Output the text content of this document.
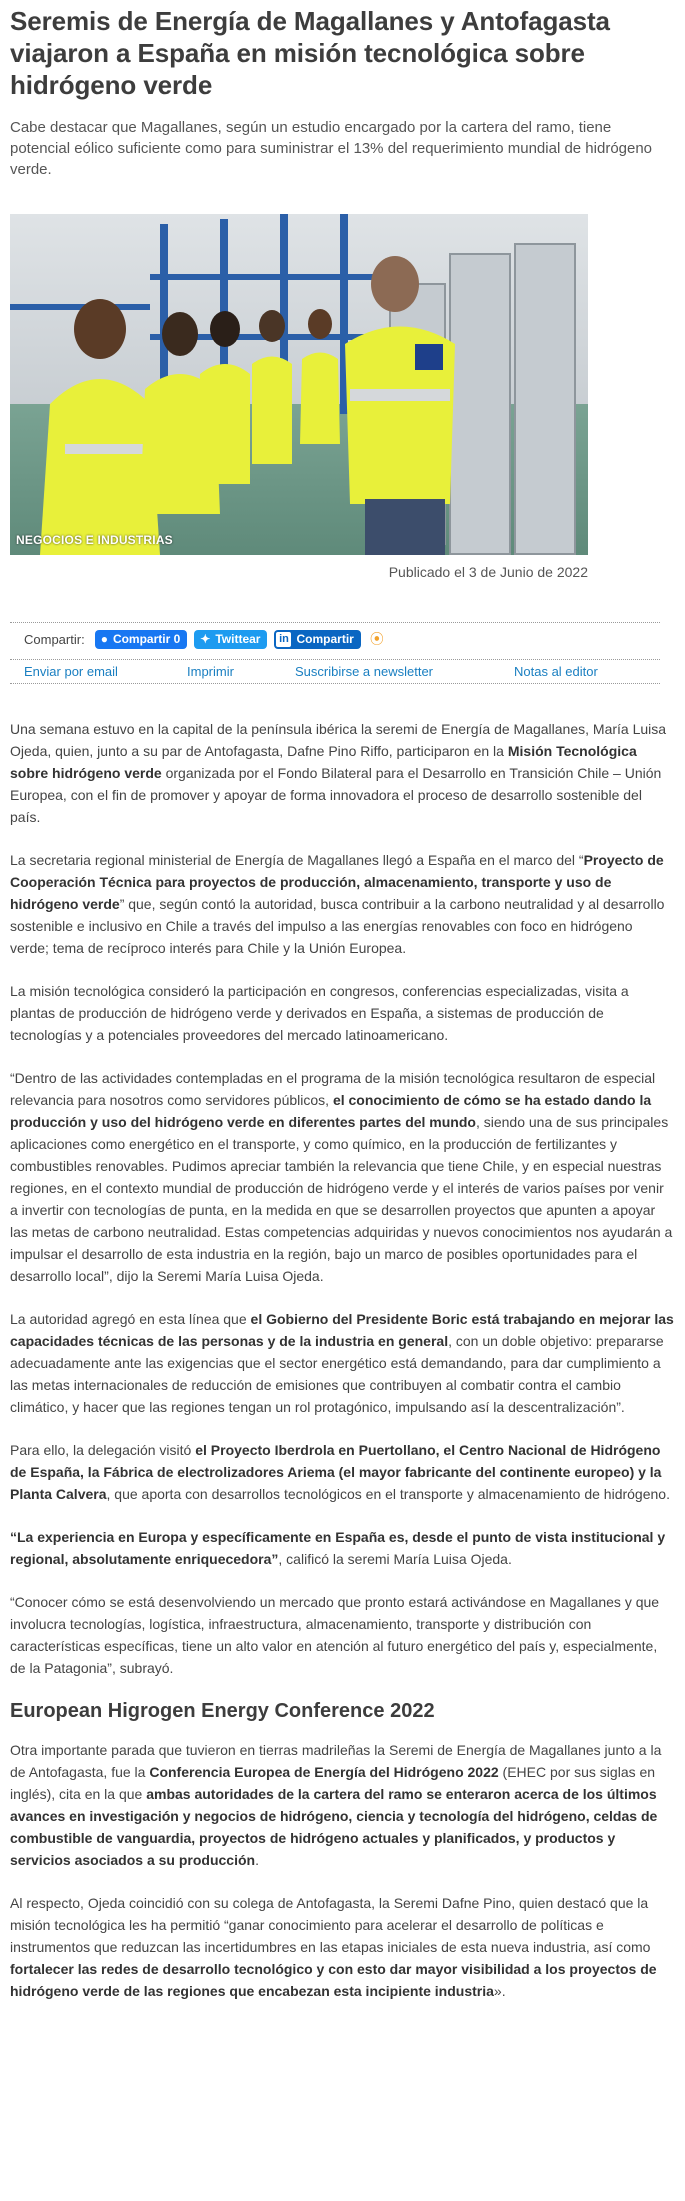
Seremis de Energía de Magallanes y Antofagasta viajaron a España en misión tecnológica sobre hidrógeno verde

Cabe destacar que Magallanes, según un estudio encargado por la cartera del ramo, tiene potencial eólico suficiente como para suministrar el 13% del requerimiento mundial de hidrógeno verde.

NEGOCIOS E INDUSTRIAS
Publicado el 3 de Junio de 2022
Compartir: ● Compartir 0 ✦ Twittear in Compartir ⦿
Enviar por email	Imprimir	Suscribirse a newsletter	Notas al editor

Una semana estuvo en la capital de la península ibérica la seremi de Energía de Magallanes, María Luisa Ojeda, quien, junto a su par de Antofagasta, Dafne Pino Riffo, participaron en la Misión Tecnológica sobre hidrógeno verde organizada por el Fondo Bilateral para el Desarrollo en Transición Chile – Unión Europea, con el fin de promover y apoyar de forma innovadora el proceso de desarrollo sostenible del país.

La secretaria regional ministerial de Energía de Magallanes llegó a España en el marco del “Proyecto de Cooperación Técnica para proyectos de producción, almacenamiento, transporte y uso de hidrógeno verde” que, según contó la autoridad, busca contribuir a la carbono neutralidad y al desarrollo sostenible e inclusivo en Chile a través del impulso a las energías renovables con foco en hidrógeno verde; tema de recíproco interés para Chile y la Unión Europea.

La misión tecnológica consideró la participación en congresos, conferencias especializadas, visita a plantas de producción de hidrógeno verde y derivados en España, a sistemas de producción de tecnologías y a potenciales proveedores del mercado latinoamericano.

“Dentro de las actividades contempladas en el programa de la misión tecnológica resultaron de especial relevancia para nosotros como servidores públicos, el conocimiento de cómo se ha estado dando la producción y uso del hidrógeno verde en diferentes partes del mundo, siendo una de sus principales aplicaciones como energético en el transporte, y como químico, en la producción de fertilizantes y combustibles renovables. Pudimos apreciar también la relevancia que tiene Chile, y en especial nuestras regiones, en el contexto mundial de producción de hidrógeno verde y el interés de varios países por venir a invertir con tecnologías de punta, en la medida en que se desarrollen proyectos que apunten a apoyar las metas de carbono neutralidad. Estas competencias adquiridas y nuevos conocimientos nos ayudarán a impulsar el desarrollo de esta industria en la región, bajo un marco de posibles oportunidades para el desarrollo local”, dijo la Seremi María Luisa Ojeda.

La autoridad agregó en esta línea que el Gobierno del Presidente Boric está trabajando en mejorar las capacidades técnicas de las personas y de la industria en general, con un doble objetivo: prepararse adecuadamente ante las exigencias que el sector energético está demandando, para dar cumplimiento a las metas internacionales de reducción de emisiones que contribuyen al combatir contra el cambio climático, y hacer que las regiones tengan un rol protagónico, impulsando así la descentralización”.

Para ello, la delegación visitó el Proyecto Iberdrola en Puertollano, el Centro Nacional de Hidrógeno de España, la Fábrica de electrolizadores Ariema (el mayor fabricante del continente europeo) y la Planta Calvera, que aporta con desarrollos tecnológicos en el transporte y almacenamiento de hidrógeno.

“La experiencia en Europa y específicamente en España es, desde el punto de vista institucional y regional, absolutamente enriquecedora”, calificó la seremi María Luisa Ojeda.

“Conocer cómo se está desenvolviendo un mercado que pronto estará activándose en Magallanes y que involucra tecnologías, logística, infraestructura, almacenamiento, transporte y distribución con características específicas, tiene un alto valor en atención al futuro energético del país y, especialmente, de la Patagonia”, subrayó.

European Higrogen Energy Conference 2022

Otra importante parada que tuvieron en tierras madrileñas la Seremi de Energía de Magallanes junto a la de Antofagasta, fue la Conferencia Europea de Energía del Hidrógeno 2022 (EHEC por sus siglas en inglés), cita en la que ambas autoridades de la cartera del ramo se enteraron acerca de los últimos avances en investigación y negocios de hidrógeno, ciencia y tecnología del hidrógeno, celdas de combustible de vanguardia, proyectos de hidrógeno actuales y planificados, y productos y servicios asociados a su producción.

Al respecto, Ojeda coincidió con su colega de Antofagasta, la Seremi Dafne Pino, quien destacó que la misión tecnológica les ha permitió “ganar conocimiento para acelerar el desarrollo de políticas e instrumentos que reduzcan las incertidumbres en las etapas iniciales de esta nueva industria, así como fortalecer las redes de desarrollo tecnológico y con esto dar mayor visibilidad a los proyectos de hidrógeno verde de las regiones que encabezan esta incipiente industria».
